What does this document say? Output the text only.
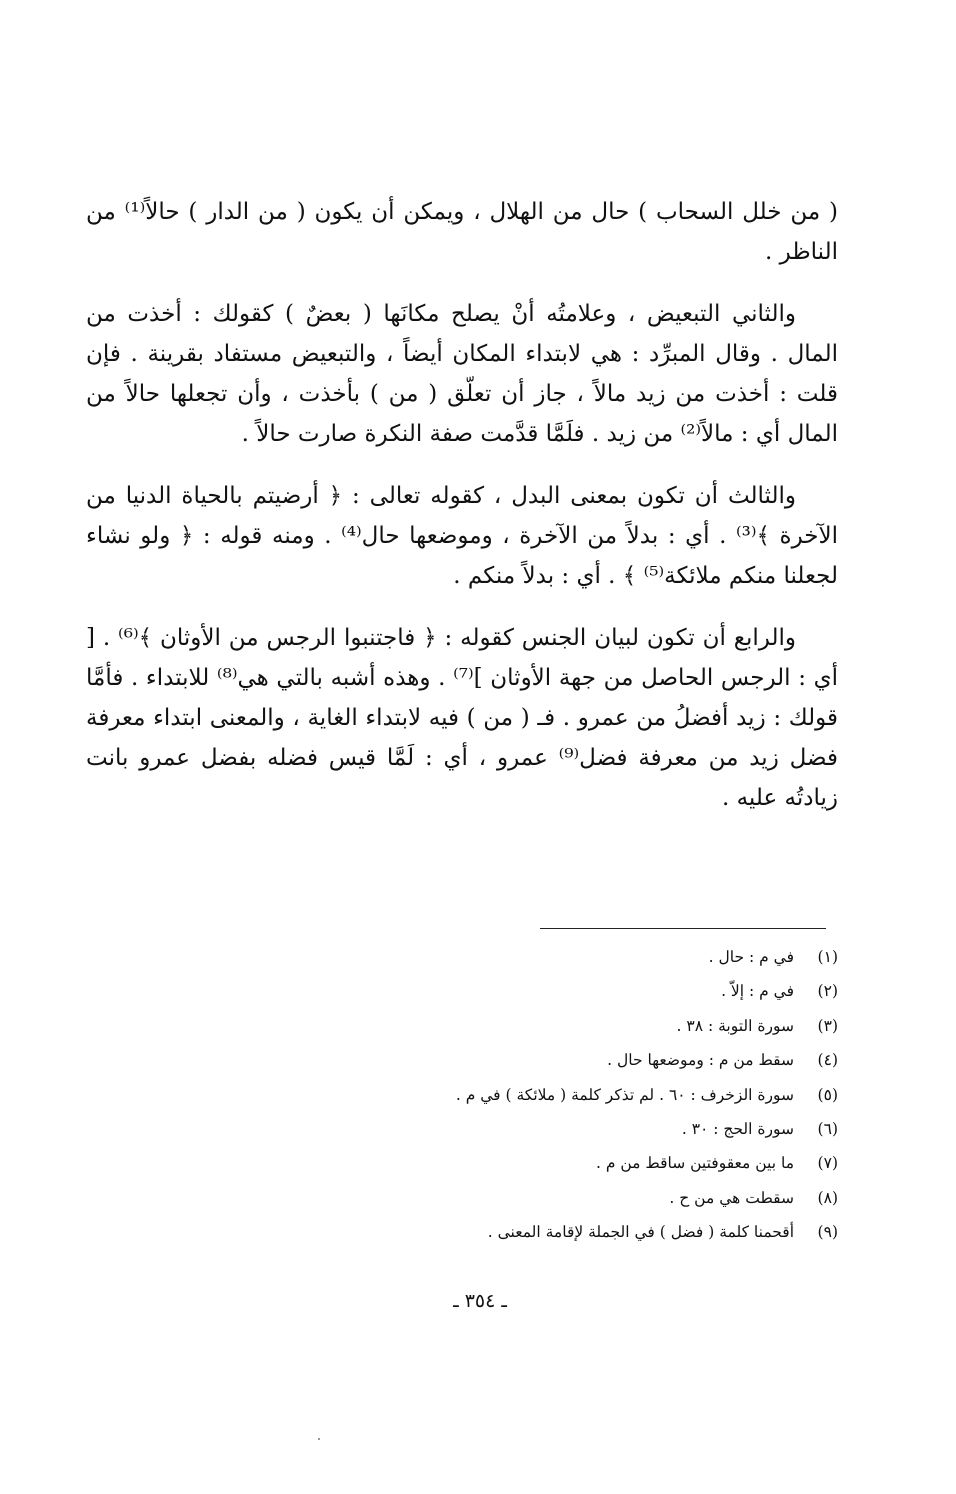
( من خلل السحاب ) حال من الهلال ، ويمكن أن يكون ( من الدار ) حالاً⁽¹⁾ من الناظر .

والثاني التبعيض ، وعلامتُه أنْ يصلح مكانَها ( بعضٌ ) كقولك : أخذت من المال . وقال المبرِّد : هي لابتداء المكان أيضاً ، والتبعيض مستفاد بقرينة . فإن قلت : أخذت من زيد مالاً ، جاز أن تعلّق ( من ) بأخذت ، وأن تجعلها حالاً من المال أي : مالاً⁽²⁾ من زيد . فلَمَّا قدَّمت صفة النكرة صارت حالاً .

والثالث أن تكون بمعنى البدل ، كقوله تعالى : ﴿ أرضيتم بالحياة الدنيا من الآخرة ﴾⁽³⁾ . أي : بدلاً من الآخرة ، وموضعها حال⁽⁴⁾ . ومنه قوله : ﴿ ولو نشاء لجعلنا منكم ملائكة⁽⁵⁾ ﴾ . أي : بدلاً منكم .

والرابع أن تكون لبيان الجنس كقوله : ﴿ فاجتنبوا الرجس من الأوثان ﴾⁽⁶⁾ . [ أي : الرجس الحاصل من جهة الأوثان ]⁽⁷⁾ . وهذه أشبه بالتي هي⁽⁸⁾ للابتداء . فأمَّا قولك : زيد أفضلُ من عمرو . فـ ( من ) فيه لابتداء الغاية ، والمعنى ابتداء معرفة فضل زيد من معرفة فضل⁽⁹⁾ عمرو ، أي : لَمَّا قيس فضله بفضل عمرو بانت زيادتُه عليه .

(١)
في م : حال .
(٢)
في م : إلاّ .
(٣)
سورة التوبة : ٣٨ .
(٤)
سقط من م : وموضعها حال .
(٥)
سورة الزخرف : ٦٠ . لم تذكر كلمة ( ملائكة ) في م .
(٦)
سورة الحج : ٣٠ .
(٧)
ما بين معقوفتين ساقط من م .
(٨)
سقطت هي من ح .
(٩)
أقحمنا كلمة ( فضل ) في الجملة لإقامة المعنى .
ـ ٣٥٤ ـ
